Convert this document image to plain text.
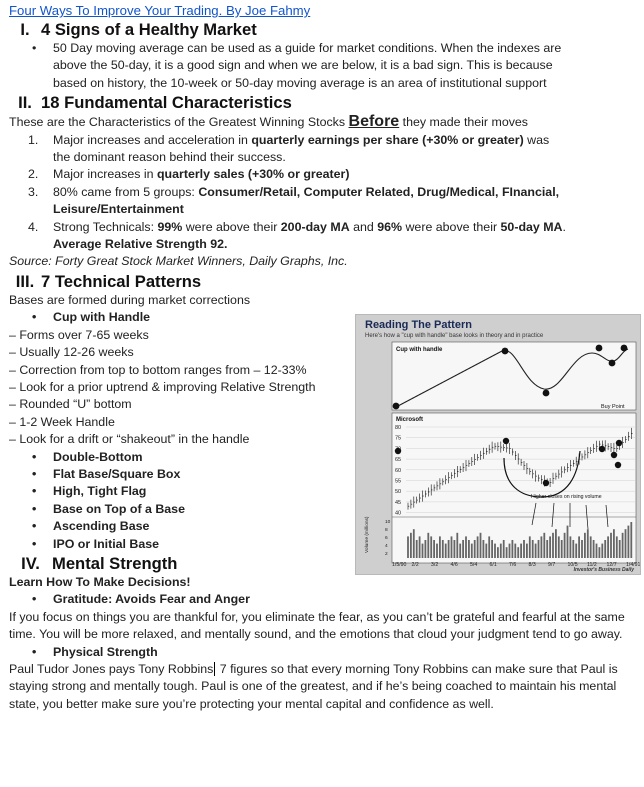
Four Ways To Improve Your Trading. By Joe Fahmy
I. 4 Signs of a Healthy Market
• 50 Day moving average can be used as a guide for market conditions. When the indexes are above the 50-day, it is a good sign and when we are below, it is a bad sign. This is because based on history, the 10-week or 50-day moving average is an area of institutional support
II. 18 Fundamental Characteristics
These are the Characteristics of the Greatest Winning Stocks Before they made their moves
1. Major increases and acceleration in quarterly earnings per share (+30% or greater) was the dominant reason behind their success.
2. Major increases in quarterly sales (+30% or greater)
3. 80% came from 5 groups: Consumer/Retail, Computer Related, Drug/Medical, FInancial, Leisure/Entertainment
4. Strong Technicals: 99% were above their 200-day MA and 96% were above their 50-day MA. Average Relative Strength 92.
Source: Forty Great Stock Market Winners, Daily Graphs, Inc.
III. 7 Technical Patterns
Bases are formed during market corrections
• Cup with Handle
– Forms over 7-65 weeks
– Usually 12-26 weeks
– Correction from top to bottom ranges from – 12-33%
– Look for a prior uptrend & improving Relative Strength
– Rounded “U” bottom
– 1-2 Week Handle
– Look for a drift or “shakeout” in the handle
• Double-Bottom
• Flat Base/Square Box
• High, Tight Flag
• Base on Top of a Base
• Ascending Base
• IPO or Initial Base
IV. Mental Strength
Learn How To Make Decisions!
• Gratitude: Avoids Fear and Anger
If you focus on things you are thankful for, you eliminate the fear, as you can’t be grateful and fearful at the same time. You will be more relaxed, and mentally sound, and the emotions that cloud your judgment tend to go away.
• Physical Strength
Paul Tudor Jones pays Tony Robbins 7 figures so that every morning Tony Robbins can make sure that Paul is staying strong and mentally tough. Paul is one of the greatest, and if he’s being coached to maintain his mental state, you better make sure you’re protecting your mental capital and confidence as well.
Reading The Pattern
Here's how a "cup with handle" base looks in theory and in practice
Cup with handle
Buy Point
Microsoft
80
75
65
60
55
50
45
40
Higher closes on rising volume
10
8
6
4
2
Volume (millions)
1/5/90 2/2 3/2 4/6 5/4 6/1 7/6 8/3 9/7 10/5 11/2 12/7 1/4/91
Investor's Business Daily
